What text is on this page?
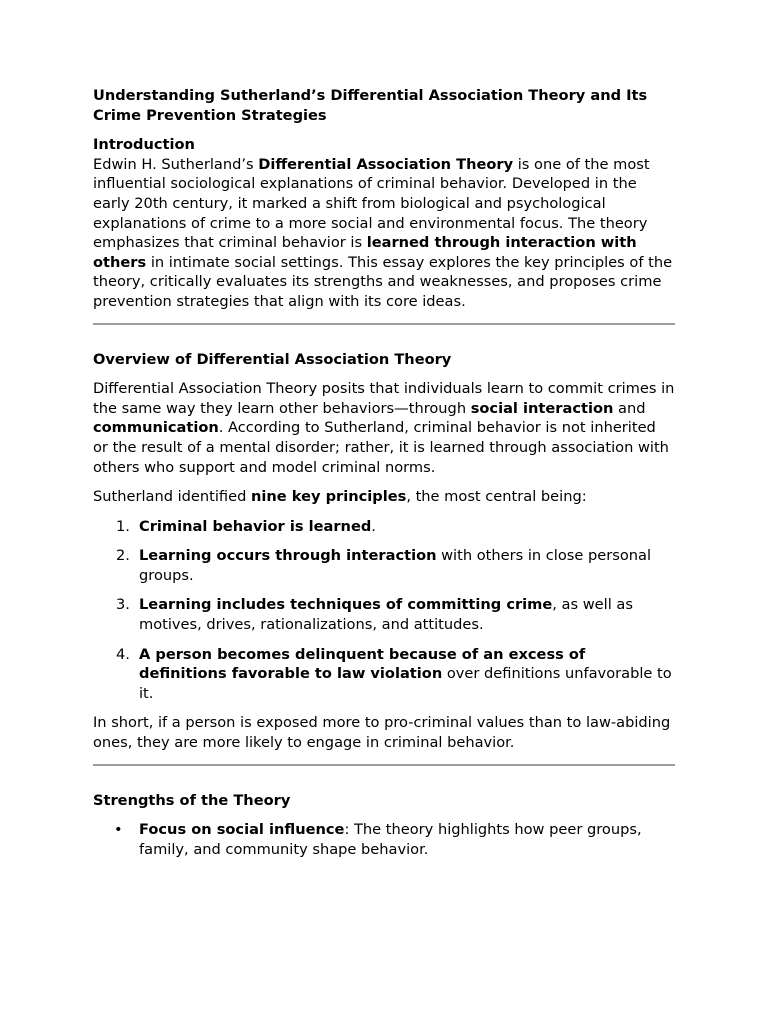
Understanding Sutherland’s Differential Association Theory and Its Crime Prevention Strategies

Introduction

Edwin H. Sutherland’s Differential Association Theory is one of the most influential sociological explanations of criminal behavior. Developed in the early 20th century, it marked a shift from biological and psychological explanations of crime to a more social and environmental focus. The theory emphasizes that criminal behavior is learned through interaction with others in intimate social settings. This essay explores the key principles of the theory, critically evaluates its strengths and weaknesses, and proposes crime prevention strategies that align with its core ideas.

Overview of Differential Association Theory

Differential Association Theory posits that individuals learn to commit crimes in the same way they learn other behaviors—through social interaction and communication. According to Sutherland, criminal behavior is not inherited or the result of a mental disorder; rather, it is learned through association with others who support and model criminal norms.

Sutherland identified nine key principles, the most central being:

1. Criminal behavior is learned.
2. Learning occurs through interaction with others in close personal groups.
3. Learning includes techniques of committing crime, as well as motives, drives, rationalizations, and attitudes.
4. A person becomes delinquent because of an excess of definitions favorable to law violation over definitions unfavorable to it.

In short, if a person is exposed more to pro-criminal values than to law-abiding ones, they are more likely to engage in criminal behavior.

Strengths of the Theory

• Focus on social influence: The theory highlights how peer groups, family, and community shape behavior.
